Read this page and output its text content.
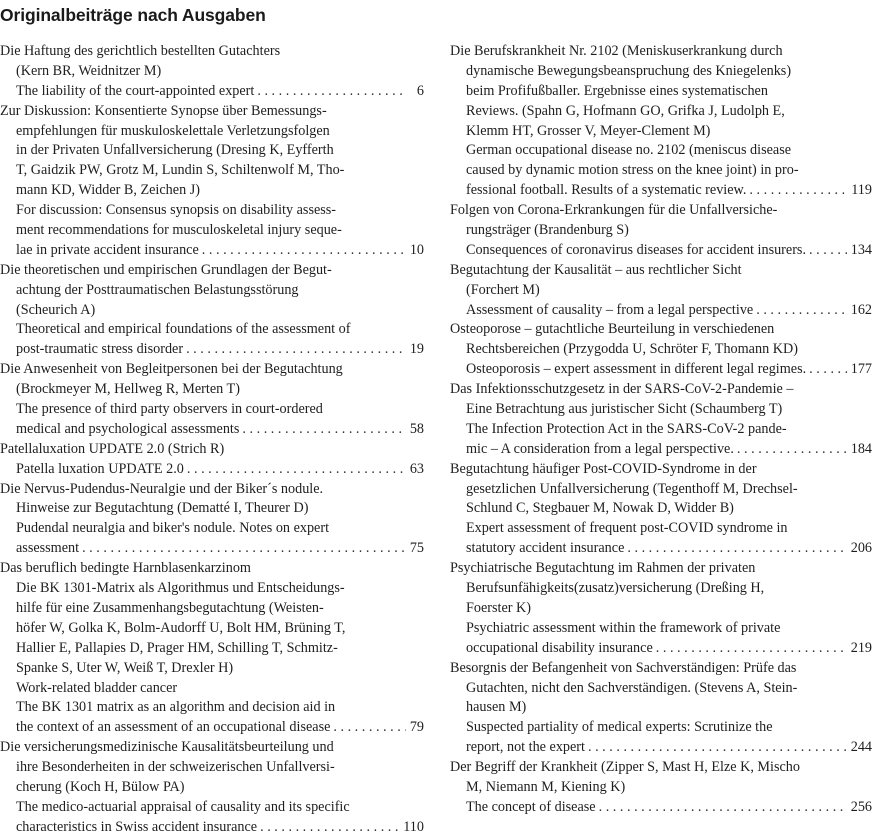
Originalbeiträge nach Ausgaben
Die Haftung des gerichtlich bestellten Gutachters
(Kern BR, Weidnitzer M)
The liability of the court-appointed expert . . .	6
Zur Diskussion: Konsentierte Synopse über Bemessungs-
empfehlungen für muskuloskelettale Verletzungsfolgen
in der Privaten Unfallversicherung (Dresing K, Eyfferth
T, Gaidzik PW, Grotz M, Lundin S, Schiltenwolf M, Tho-
mann KD, Widder B, Zeichen J)
For discussion: Consensus synopsis on disability assess-
ment recommendations for musculoskeletal injury seque-
lae in private accident insurance . . .	10
Die theoretischen und empirischen Grundlagen der Begut-
achtung der Posttraumatischen Belastungsstörung
(Scheurich A)
Theoretical and empirical foundations of the assessment of
post-traumatic stress disorder . . .	19
Die Anwesenheit von Begleitpersonen bei der Begutachtung
(Brockmeyer M, Hellweg R, Merten T)
The presence of third party observers in court-ordered
medical and psychological assessments . . .	58
Patellaluxation UPDATE 2.0 (Strich R)
Patella luxation UPDATE 2.0 . . .	63
Die Nervus-Pudendus-Neuralgie und der Biker´s nodule.
Hinweise zur Begutachtung (Dematté I, Theurer D)
Pudendal neuralgia and biker's nodule. Notes on expert
assessment . . .	75
Das beruflich bedingte Harnblasenkarzinom
Die BK 1301-Matrix als Algorithmus und Entscheidungs-
hilfe für eine Zusammenhangsbegutachtung (Weisten-
höfer W, Golka K, Bolm-Audorff U, Bolt HM, Brüning T,
Hallier E, Pallapies D, Prager HM, Schilling T, Schmitz-
Spanke S, Uter W, Weiß T, Drexler H)
Work-related bladder cancer
The BK 1301 matrix as an algorithm and decision aid in
the context of an assessment of an occupational disease . . .	79
Die versicherungsmedizinische Kausalitätsbeurteilung und
ihre Besonderheiten in der schweizerischen Unfallversi-
cherung (Koch H, Bülow PA)
The medico-actuarial appraisal of causality and its specific
characteristics in Swiss accident insurance . . .	110
Die Berufskrankheit Nr. 2102 (Meniskuserkrankung durch
dynamische Bewegungsbeanspruchung des Kniegelenks)
beim Profifußballer. Ergebnisse eines systematischen
Reviews. (Spahn G, Hofmann GO, Grifka J, Ludolph E,
Klemm HT, Grosser V, Meyer-Clement M)
German occupational disease no. 2102 (meniscus disease
caused by dynamic motion stress on the knee joint) in pro-
fessional football. Results of a systematic review. . . .	119
Folgen von Corona-Erkrankungen für die Unfallversiche-
rungsträger (Brandenburg S)
Consequences of coronavirus diseases for accident insurers. . . .	134
Begutachtung der Kausalität – aus rechtlicher Sicht
(Forchert M)
Assessment of causality – from a legal perspective . . .	162
Osteoporose – gutachtliche Beurteilung in verschiedenen
Rechtsbereichen (Przygodda U, Schröter F, Thomann KD)
Osteoporosis – expert assessment in different legal regimes. . . .	177
Das Infektionsschutzgesetz in der SARS-CoV-2-Pandemie –
Eine Betrachtung aus juristischer Sicht (Schaumberg T)
The Infection Protection Act in the SARS-CoV-2 pande-
mic – A consideration from a legal perspective. . . .	184
Begutachtung häufiger Post-COVID-Syndrome in der
gesetzlichen Unfallversicherung (Tegenthoff M, Drechsel-
Schlund C, Stegbauer M, Nowak D, Widder B)
Expert assessment of frequent post-COVID syndrome in
statutory accident insurance . . .	206
Psychiatrische Begutachtung im Rahmen der privaten
Berufsunfähigkeits(zusatz)versicherung (Dreßing H,
Foerster K)
Psychiatric assessment within the framework of private
occupational disability insurance . . .	219
Besorgnis der Befangenheit von Sachverständigen: Prüfe das
Gutachten, nicht den Sachverständigen. (Stevens A, Stein-
hausen M)
Suspected partiality of medical experts: Scrutinize the
report, not the expert . . .	244
Der Begriff der Krankheit (Zipper S, Mast H, Elze K, Mischo
M, Niemann M, Kiening K)
The concept of disease . . .	256
